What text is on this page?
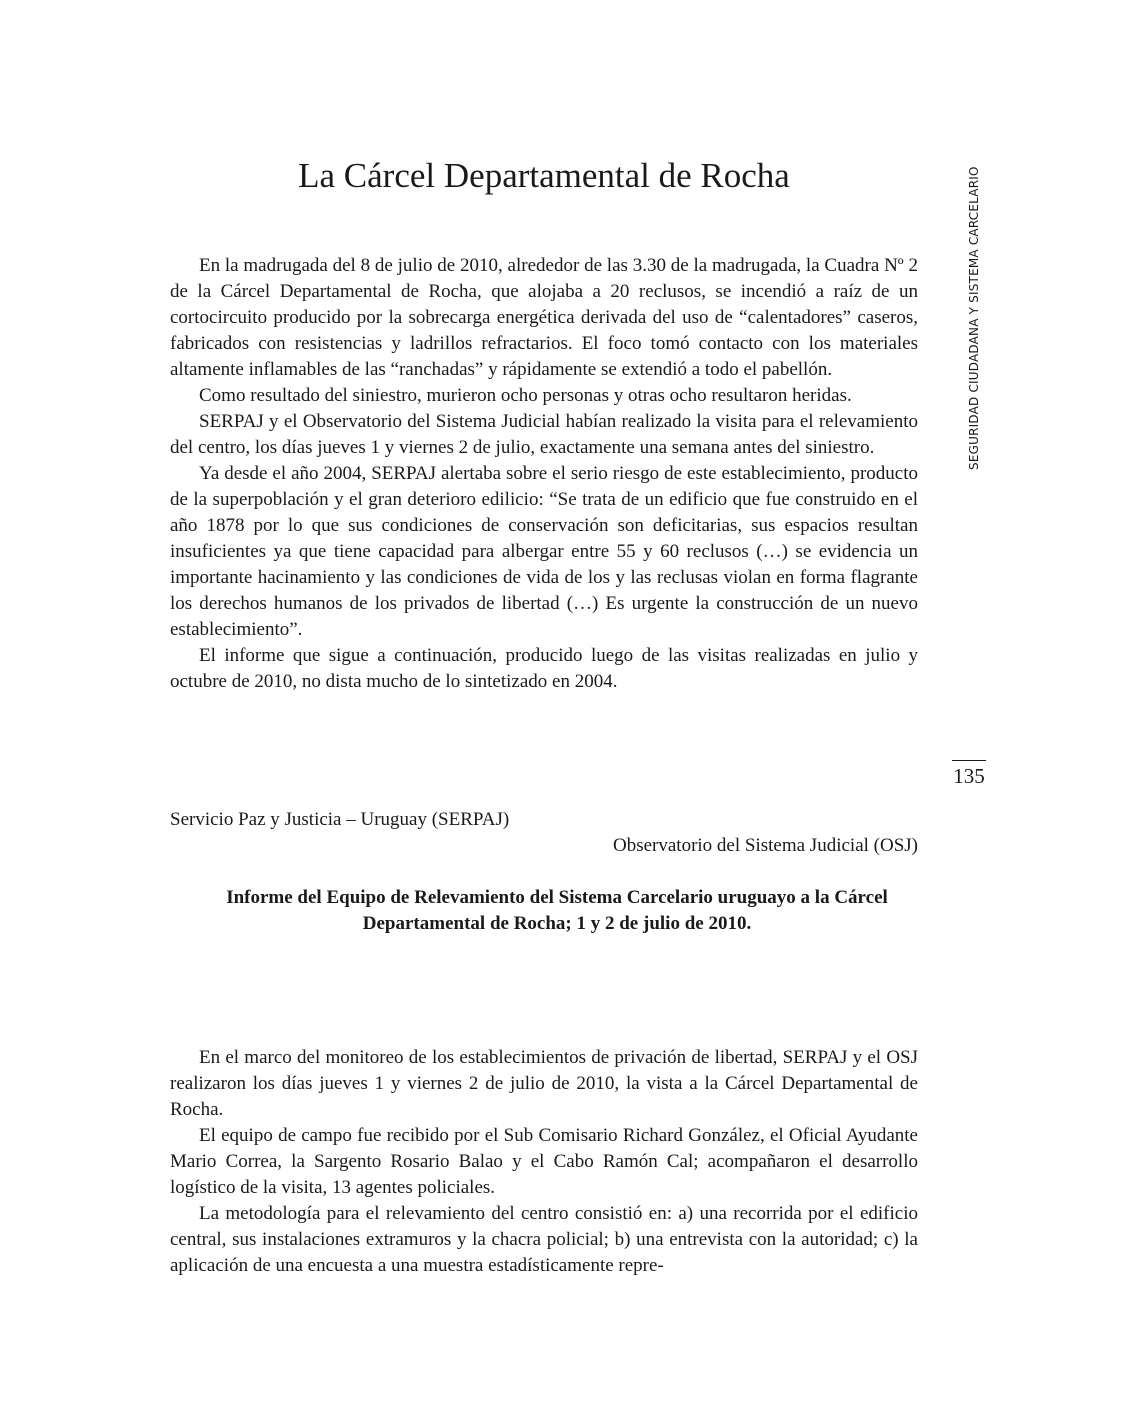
La Cárcel Departamental de Rocha

En la madrugada del 8 de julio de 2010, alrededor de las 3.30 de la madrugada, la Cuadra Nº 2 de la Cárcel Departamental de Rocha, que alojaba a 20 reclusos, se incendió a raíz de un cortocircuito producido por la sobrecarga energética derivada del uso de “calentadores” caseros, fabricados con resistencias y ladrillos refractarios. El foco tomó contacto con los materiales altamente inflamables de las “ranchadas” y rápidamente se extendió a todo el pabellón.

Como resultado del siniestro, murieron ocho personas y otras ocho resultaron heridas.

SERPAJ y el Observatorio del Sistema Judicial habían realizado la visita para el relevamiento del centro, los días jueves 1 y viernes 2 de julio, exactamente una semana antes del siniestro.

Ya desde el año 2004, SERPAJ alertaba sobre el serio riesgo de este establecimiento, producto de la superpoblación y el gran deterioro edilicio: “Se trata de un edificio que fue construido en el año 1878 por lo que sus condiciones de conservación son deficitarias, sus espacios resultan insuficientes ya que tiene capacidad para albergar entre 55 y 60 reclusos (…) se evidencia un importante hacinamiento y las condiciones de vida de los y las reclusas violan en forma flagrante los derechos humanos de los privados de libertad (…) Es urgente la construcción de un nuevo establecimiento”.

El informe que sigue a continuación, producido luego de las visitas realizadas en julio y octubre de 2010, no dista mucho de lo sintetizado en 2004.

Servicio Paz y Justicia – Uruguay (SERPAJ)
Observatorio del Sistema Judicial (OSJ)
Informe del Equipo de Relevamiento del Sistema Carcelario uruguayo a la Cárcel Departamental de Rocha; 1 y 2 de julio de 2010.

En el marco del monitoreo de los establecimientos de privación de libertad, SERPAJ y el OSJ realizaron los días jueves 1 y viernes 2 de julio de 2010, la vista a la Cárcel Departamental de Rocha.

El equipo de campo fue recibido por el Sub Comisario Richard González, el Oficial Ayudante Mario Correa, la Sargento Rosario Balao y el Cabo Ramón Cal; acompañaron el desarrollo logístico de la visita, 13 agentes policiales.

La metodología para el relevamiento del centro consistió en: a) una recorrida por el edificio central, sus instalaciones extramuros y la chacra policial; b) una entrevista con la autoridad; c) la aplicación de una encuesta a una muestra estadísticamente repre-

SEGURIDAD CIUDADANA Y SISTEMA CARCELARIO
135
